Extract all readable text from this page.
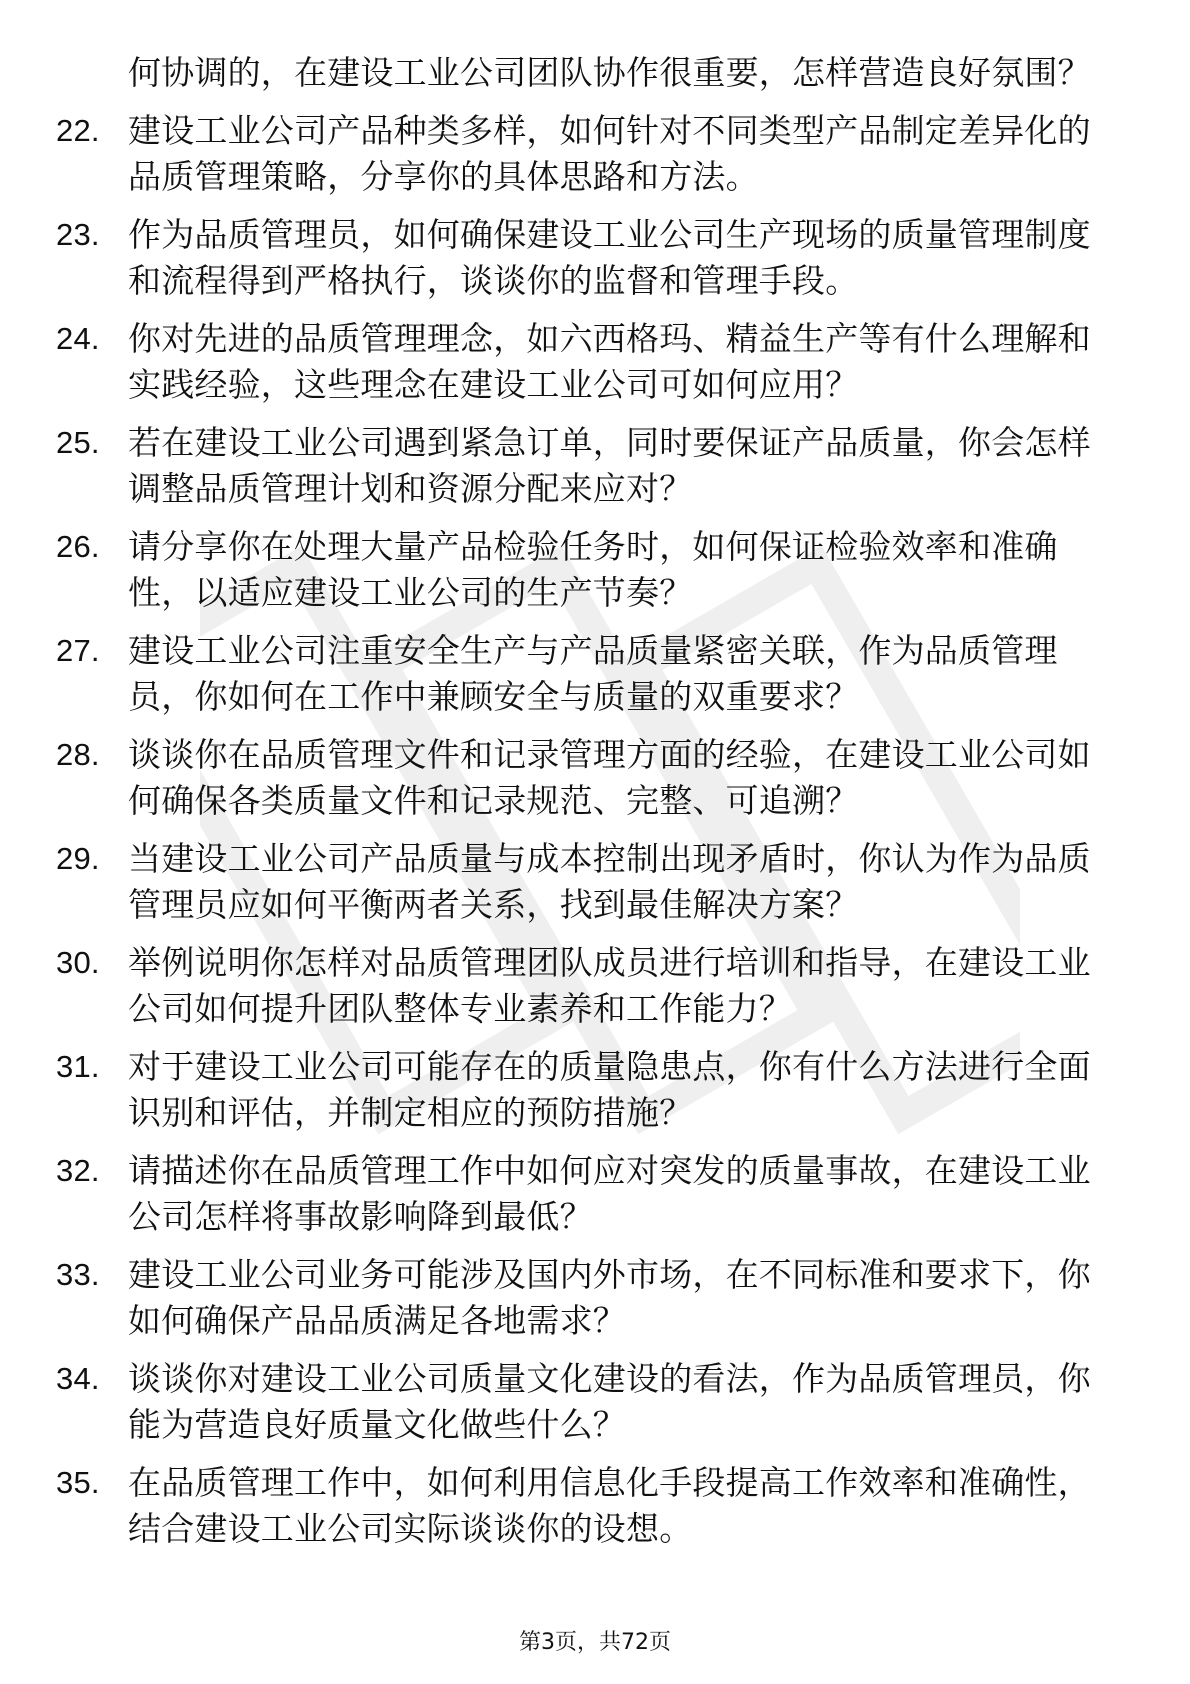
何协调的，在建设工业公司团队协作很重要，怎样营造良好氛围？
22. 建设工业公司产品种类多样，如何针对不同类型产品制定差异化的品质管理策略，分享你的具体思路和方法。
23. 作为品质管理员，如何确保建设工业公司生产现场的质量管理制度和流程得到严格执行，谈谈你的监督和管理手段。
24. 你对先进的品质管理理念，如六西格玛、精益生产等有什么理解和实践经验，这些理念在建设工业公司可如何应用？
25. 若在建设工业公司遇到紧急订单，同时要保证产品质量，你会怎样调整品质管理计划和资源分配来应对？
26. 请分享你在处理大量产品检验任务时，如何保证检验效率和准确性，以适应建设工业公司的生产节奏？
27. 建设工业公司注重安全生产与产品质量紧密关联，作为品质管理员，你如何在工作中兼顾安全与质量的双重要求？
28. 谈谈你在品质管理文件和记录管理方面的经验，在建设工业公司如何确保各类质量文件和记录规范、完整、可追溯？
29. 当建设工业公司产品质量与成本控制出现矛盾时，你认为作为品质管理员应如何平衡两者关系，找到最佳解决方案？
30. 举例说明你怎样对品质管理团队成员进行培训和指导，在建设工业公司如何提升团队整体专业素养和工作能力？
31. 对于建设工业公司可能存在的质量隐患点，你有什么方法进行全面识别和评估，并制定相应的预防措施？
32. 请描述你在品质管理工作中如何应对突发的质量事故，在建设工业公司怎样将事故影响降到最低？
33. 建设工业公司业务可能涉及国内外市场，在不同标准和要求下，你如何确保产品品质满足各地需求？
34. 谈谈你对建设工业公司质量文化建设的看法，作为品质管理员，你能为营造良好质量文化做些什么？
35. 在品质管理工作中，如何利用信息化手段提高工作效率和准确性，结合建设工业公司实际谈谈你的设想。
第3页，共72页
